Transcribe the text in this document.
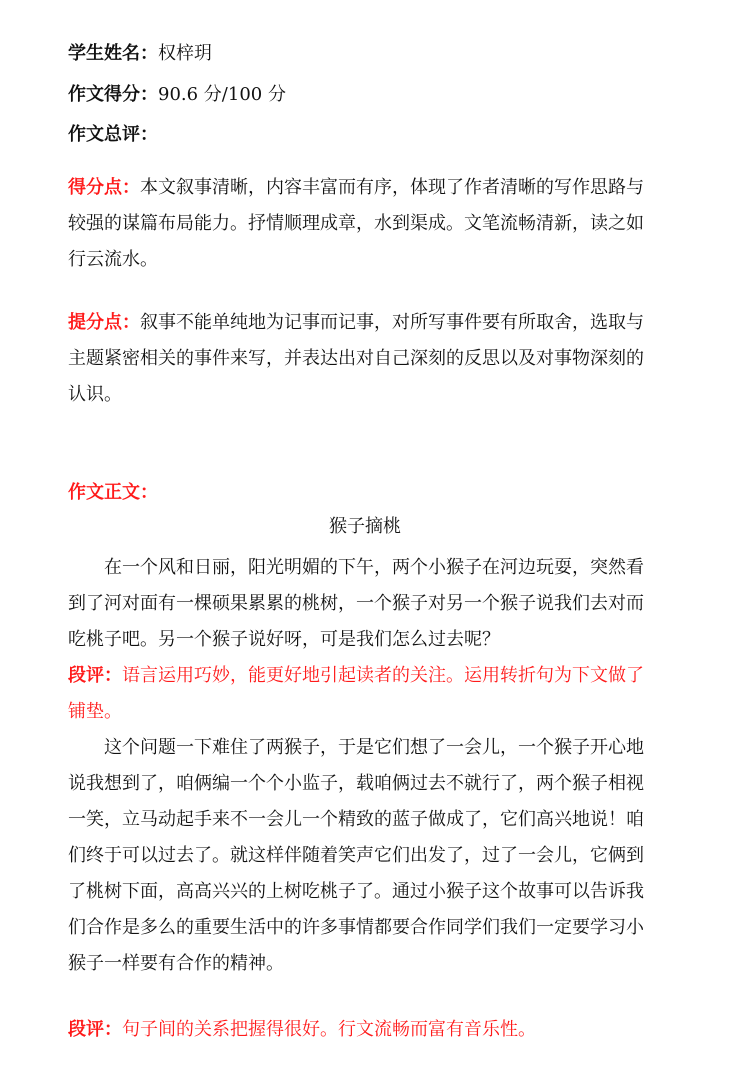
学生姓名：权梓玥
作文得分：90.6 分/100 分
作文总评：
得分点：本文叙事清晰，内容丰富而有序，体现了作者清晰的写作思路与较强的谋篇布局能力。抒情顺理成章，水到渠成。文笔流畅清新，读之如行云流水。
提分点：叙事不能单纯地为记事而记事，对所写事件要有所取舍，选取与主题紧密相关的事件来写，并表达出对自己深刻的反思以及对事物深刻的认识。
作文正文：
猴子摘桃
在一个风和日丽，阳光明媚的下午，两个小猴子在河边玩耍，突然看到了河对面有一棵硕果累累的桃树，一个猴子对另一个猴子说我们去对而吃桃子吧。另一个猴子说好呀，可是我们怎么过去呢？
段评：语言运用巧妙，能更好地引起读者的关注。运用转折句为下文做了铺垫。
这个问题一下难住了两猴子，于是它们想了一会儿，一个猴子开心地说我想到了，咱俩编一个个小监子，载咱俩过去不就行了，两个猴子相视一笑，立马动起手来不一会儿一个精致的蓝子做成了，它们高兴地说！咱们终于可以过去了。就这样伴随着笑声它们出发了，过了一会儿，它俩到了桃树下面，高高兴兴的上树吃桃子了。通过小猴子这个故事可以告诉我们合作是多么的重要生活中的许多事情都要合作同学们我们一定要学习小猴子一样要有合作的精神。
段评：句子间的关系把握得很好。行文流畅而富有音乐性。
